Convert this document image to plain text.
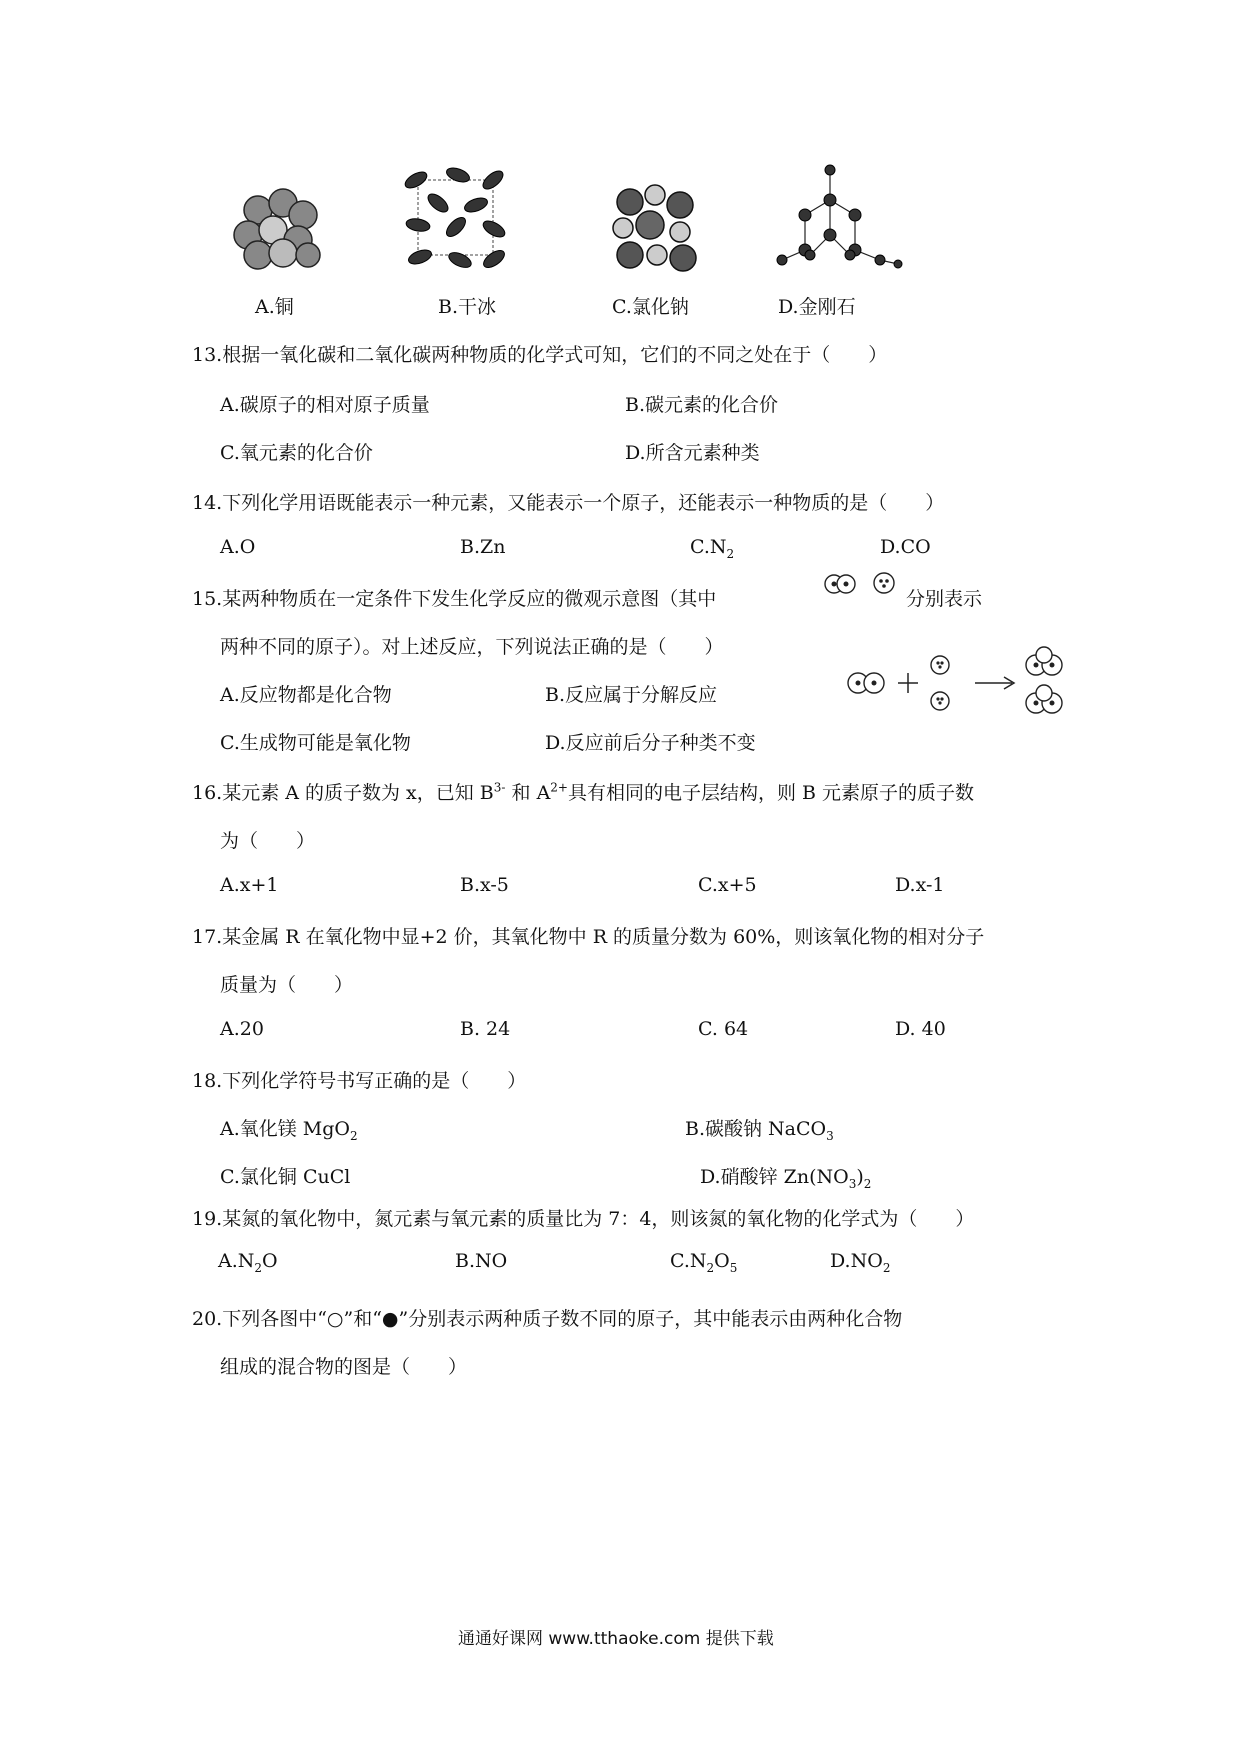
A.铜	B.干冰	C.氯化钠	D.金刚石
13.根据一氧化碳和二氧化碳两种物质的化学式可知，它们的不同之处在于（　　）
A.碳原子的相对原子质量	B.碳元素的化合价
C.氧元素的化合价	D.所含元素种类
14.下列化学用语既能表示一种元素，又能表示一个原子，还能表示一种物质的是（　　）
A.O	B.Zn	$C.N_2$	D.CO
15.某两种物质在一定条件下发生化学反应的微观示意图（其中	分别表示
两种不同的原子）。对上述反应，下列说法正确的是（　　）
A.反应物都是化合物	B.反应属于分解反应
C.生成物可能是氧化物	D.反应前后分子种类不变
16.某元素 A 的质子数为 x，已知 $B^{3-}$ 和 $A^{2+}$具有相同的电子层结构，则 B 元素原子的质子数
为（　　）
A.x+1	B.x-5	C.x+5	D.x-1
17.某金属 R 在氧化物中显+2 价，其氧化物中 R 的质量分数为 60%，则该氧化物的相对分子
质量为（　　）
A.20	B. 24	C. 64	D. 40
18.下列化学符号书写正确的是（　　）
A.氧化镁 MgO$_2$	B.碳酸钠 NaCO$_3$
C.氯化铜 CuCl	D.硝酸锌 $Zn(NO_3)_2$
19.某氮的氧化物中，氮元素与氧元素的质量比为 7：4，则该氮的氧化物的化学式为（　　）
$A.N_2O$	B.NO	$C.N_2O_5$	$D.NO_2$
20.下列各图中“○”和“●”分别表示两种质子数不同的原子，其中能表示由两种化合物
组成的混合物的图是（　　）
通通好课网 www.tthaoke.com 提供下载
